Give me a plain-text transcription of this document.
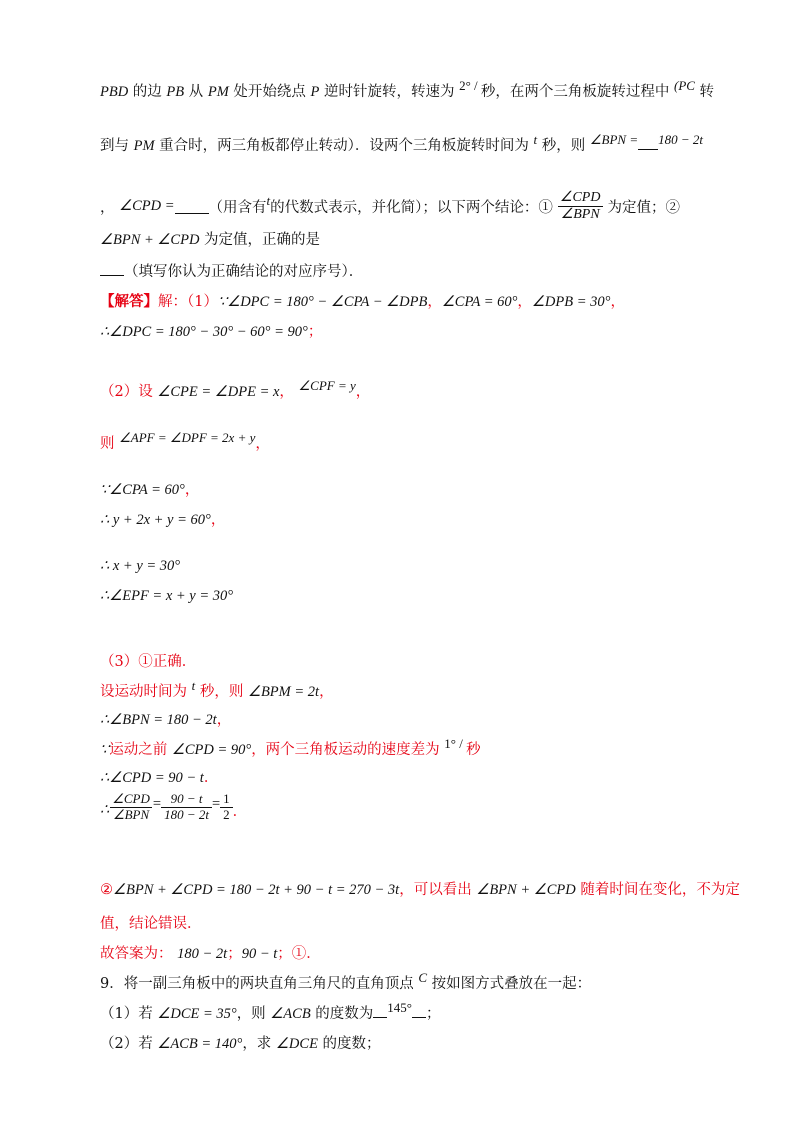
PBD 的边 PB 从 PM 处开始绕点 P 逆时针旋转，转速为 2° / 秒，在两个三角板旋转过程中 (PC 转
到与 PM 重合时，两三角板都停止转动）．设两个三角板旋转时间为 t 秒，则 ∠BPN = 180 − 2t
，
∠CPD = （用含有 t 的代数式表示，并化简）；以下两个结论：① $\frac{\text{∠CPD}}{\text{∠BPN}}$ 为定值；②
∠BPN + ∠CPD 为定值，正确的是
（填写你认为正确结论的对应序号）．
【解答】解：（1）∵∠DPC = 180° − ∠CPA − ∠DPB，∠CPA = 60°，∠DPB = 30°，
∴∠DPC = 180° − 30° − 60° = 90°；
（2）设 ∠CPE = ∠DPE = x， ∠CPF = y，
则 ∠APF = ∠DPF = 2x + y，
∵∠CPA = 60°，
∴ y + 2x + y = 60°，
∴ x + y = 30°
∴∠EPF = x + y = 30°
（3）①正确．
设运动时间为 t 秒，则 ∠BPM = 2t，
∴∠BPN = 180 − 2t，
∵运动之前 ∠CPD = 90°，两个三角板运动的速度差为 1° / 秒
∴∠CPD = 90 − t．
∴ $\frac{\text{∠CPD}}{\text{∠BPN}} = \frac{90 - t}{180 - 2t} = \frac{1}{2}$ ．
②∠BPN + ∠CPD = 180 − 2t + 90 − t = 270 − 3t，可以看出 ∠BPN + ∠CPD 随着时间在变化，不为定
值，结论错误．
故答案为： 180 − 2t；90 − t；①．
9．将一副三角板中的两块直角三角尺的直角顶点 C 按如图方式叠放在一起：
（1）若 ∠DCE = 35°，则 ∠ACB 的度数为 145° ；
（2）若 ∠ACB = 140°，求 ∠DCE 的度数；
